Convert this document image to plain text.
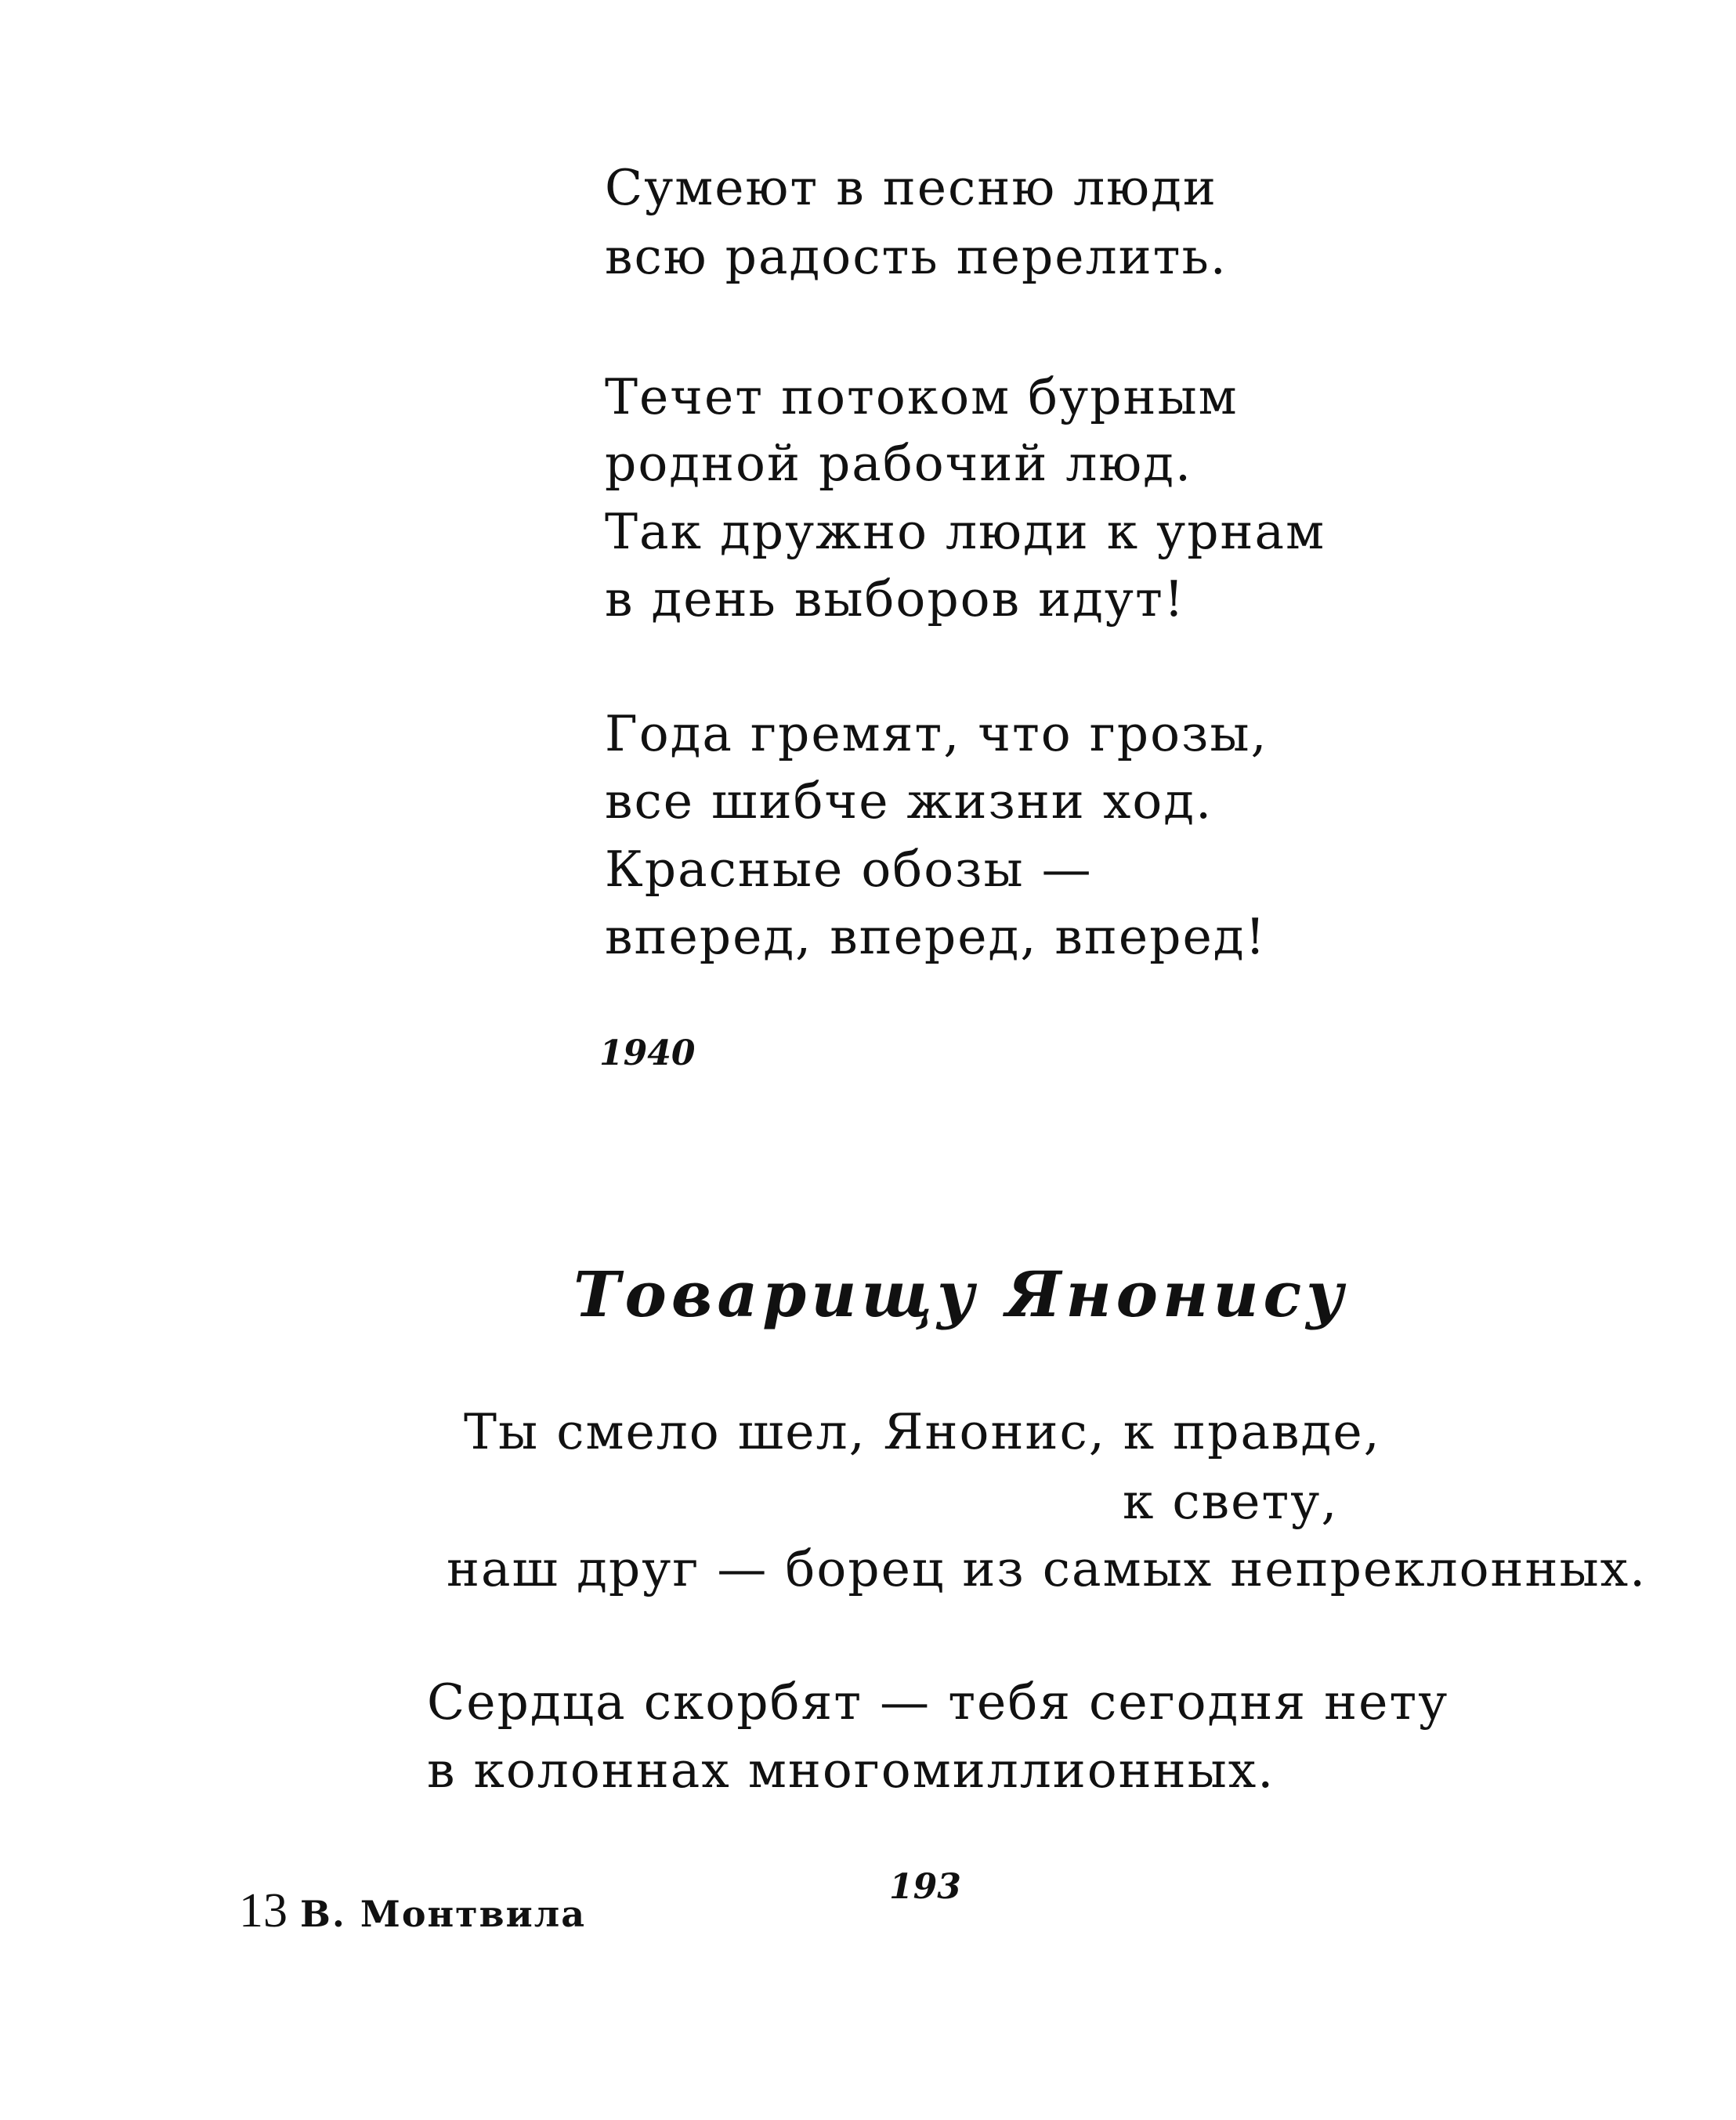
Сумеют в песню люди
всю радость перелить.
Течет потоком бурным
родной рабочий люд.
Так дружно люди к урнам
в день выборов идут!
Года гремят, что грозы,
все шибче жизни ход.
Красные обозы —
вперед, вперед, вперед!
1940
Товарищу Янонису
Ты смело шел, Янонис, к правде,
к свету,
наш друг — борец из самых непреклонных.
Сердца скорбят — тебя сегодня нету
в колоннах многомиллионных.
13 В. Монтвила
193
